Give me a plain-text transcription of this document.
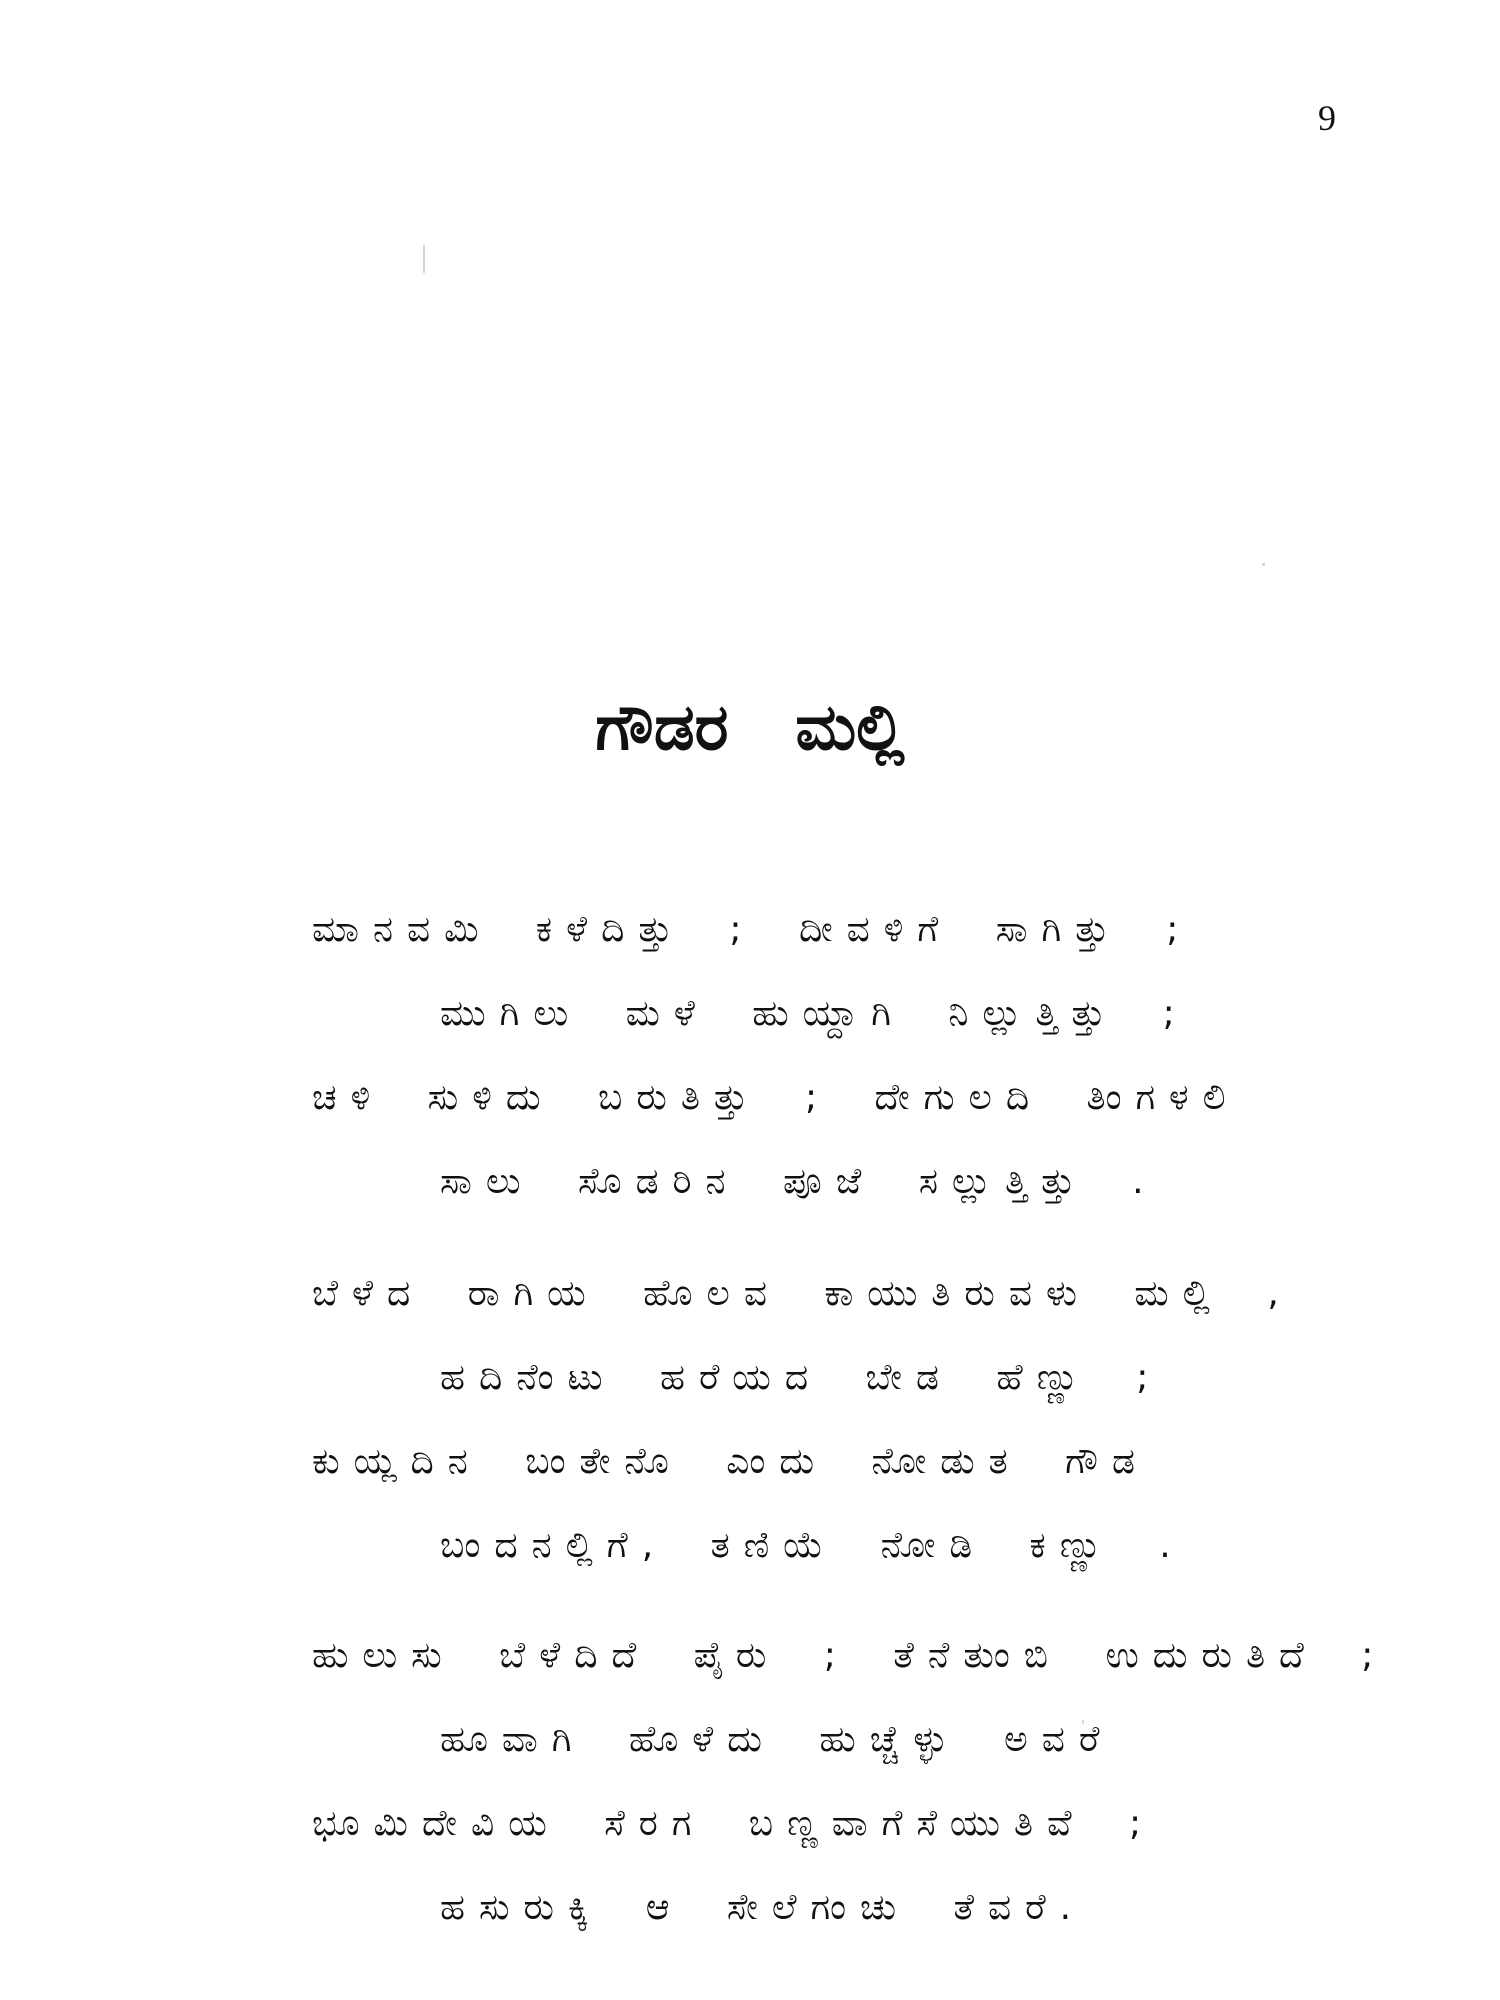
9
ಗೌಡರ   ಮಲ್ಲಿ
ಮಾನವಮಿ ಕಳೆದಿತ್ತು ; ದೀವಳಿಗೆ ಸಾಗಿತ್ತು ;
ಮುಗಿಲು ಮಳೆ ಹುಯ್ದಾಗಿ ನಿಲ್ಲುತ್ತಿತ್ತು ;
ಚಳಿ ಸುಳಿದು ಬರುತಿತ್ತು ; ದೇಗುಲದಿ ತಿಂಗಳಲಿ
ಸಾಲು ಸೊಡರಿನ ಪೂಜೆ ಸಲ್ಲುತ್ತಿತ್ತು .
ಬೆಳೆದ ರಾಗಿಯ ಹೊಲವ ಕಾಯುತಿರುವಳು ಮಲ್ಲಿ ,
ಹದಿನೆಂಟು ಹರೆಯದ ಬೇಡ ಹೆಣ್ಣು ;
ಕುಯ್ಲದಿನ ಬಂತೇನೊ ಎಂದು ನೋಡುತ ಗೌಡ
ಬಂದನಲ್ಲಿಗೆ, ತಣಿಯೆ ನೋಡಿ ಕಣ್ಣು .
ಹುಲುಸು ಬೆಳೆದಿದೆ ಪೈರು ; ತೆನೆತುಂಬಿ ಉದುರುತಿದೆ ;
ಹೂವಾಗಿ ಹೊಳೆದು ಹುಚ್ಚೆಳ್ಳು ಅವರೆ
ಭೂಮಿದೇವಿಯ ಸೆರಗ ಬಣ್ಣವಾಗೆಸೆಯುತಿವೆ ;
ಹಸುರುಕ್ಕಿ ಆ ಸೇಲೆಗಂಚು ತೆವರೆ.
